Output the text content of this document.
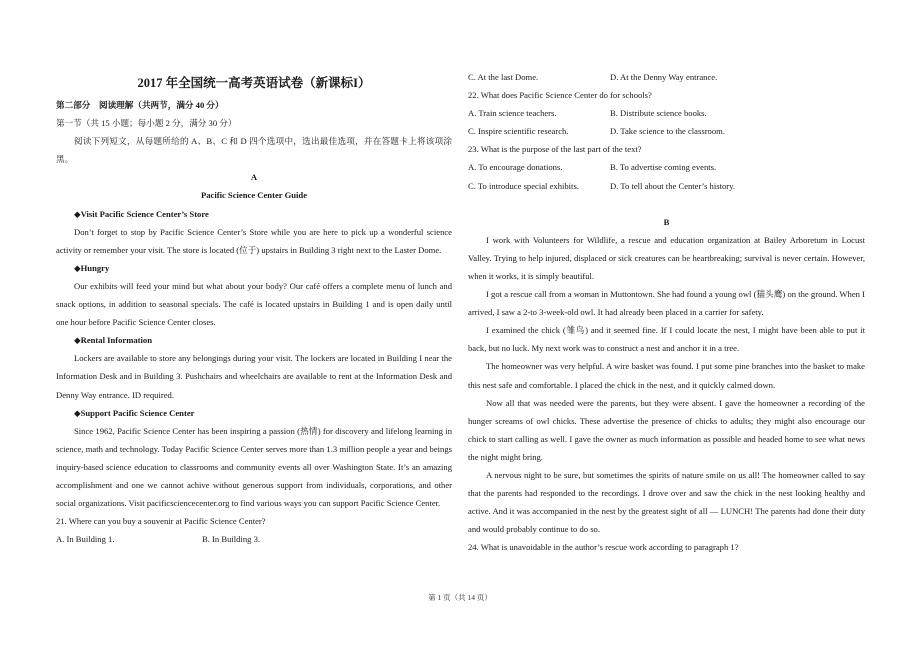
2017 年全国统一高考英语试卷（新课标I）

第二部分　阅读理解（共两节，满分 40 分）

第一节（共 15 小题；每小题 2 分，满分 30 分）

阅读下列短文，从每题所给的 A、B、C 和 D 四个选项中，选出最佳选项，并在答题卡上将该项涂黑。

A

Pacific Science Center Guide

◆Visit Pacific Science Center’s Store

Don’t forget to stop by Pacific Science Center’s Store while you are here to pick up a wonderful science activity or remember your visit. The store is located (位于) upstairs in Building 3 right next to the Laster Dome.

◆Hungry

Our exhibits will feed your mind but what about your body? Our café offers a complete menu of lunch and snack options, in addition to seasonal specials. The café is located upstairs in Building 1 and is open daily until one hour before Pacific Science Center closes.

◆Rental Information

Lockers are available to store any belongings during your visit. The lockers are located in Building I near the Information Desk and in Building 3. Pushchairs and wheelchairs are available to rent at the Information Desk and Denny Way entrance. ID required.

◆Support Pacific Science Center

Since 1962, Pacific Science Center has been inspiring a passion (热情) for discovery and lifelong learning in science, math and technology. Today Pacific Science Center serves more than 1.3 million people a year and beings inquiry-based science education to classrooms and community events all over Washington State. It’s an amazing accomplishment and one we cannot achive without generous support from individuals, corporations, and other social organizations. Visit pacificsciencecenter.org to find various ways you can support Pacific Science Center.

21. Where can you buy a souvenir at Pacific Science Center?

A. In Building 1.	B. In Building 3.
C. At the last Dome.	D. At the Denny Way entrance.

22. What does Pacific Science Center do for schools?

A. Train science teachers.	B. Distribute science books.
C. Inspire scientific research.	D. Take science to the classroom.

23. What is the purpose of the last part of the text?

A. To encourage donations.	B. To advertise coming events.
C. To introduce special exhibits.	D. To tell about the Center’s history.

B

I work with Volunteers for Wildlife, a rescue and education organization at Bailey Arboretum in Locust Valley. Trying to help injured, displaced or sick creatures can be heartbreaking; survival is never certain. However, when it works, it is simply beautiful.

I got a rescue call from a woman in Muttontown. She had found a young owl (猫头鹰) on the ground. When I arrived, I saw a 2-to 3-week-old owl. It had already been placed in a carrier for safety.

I examined the chick (雏鸟) and it seemed fine. If I could locate the nest, I might have been able to put it back, but no luck. My next work was to construct a nest and anchor it in a tree.

The homeowner was very helpful. A wire basket was found. I put some pine branches into the basket to make this nest safe and comfortable. I placed the chick in the nest, and it quickly calmed down.

Now all that was needed were the parents, but they were absent. I gave the homeowner a recording of the hunger screams of owl chicks. These advertise the presence of chicks to adults; they might also encourage our chick to start calling as well. I gave the owner as much information as possible and headed home to see what news the night might bring.

A nervous night to be sure, but sometimes the spirits of nature smile on us all! The homeowner called to say that the parents had responded to the recordings. I drove over and saw the chick in the nest looking healthy and active. And it was accompanied in the nest by the greatest sight of all — LUNCH! The parents had done their duty and would probably continue to do so.

24. What is unavoidable in the author’s rescue work according to paragraph 1?

第 1 页（共 14 页）
